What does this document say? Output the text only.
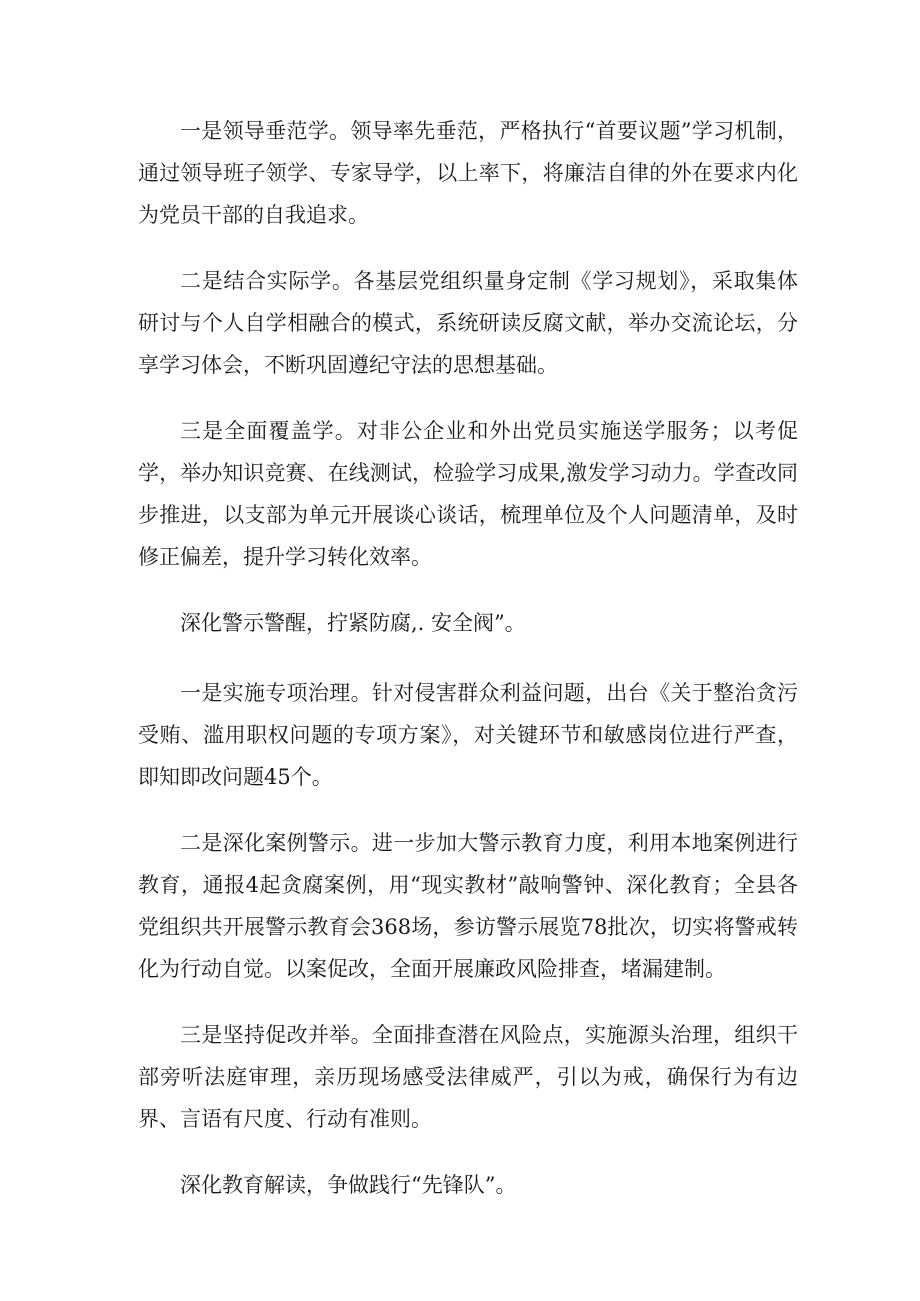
一是领导垂范学。领导率先垂范，严格执行“首要议题”学习机制，通过领导班子领学、专家导学，以上率下，将廉洁自律的外在要求内化为党员干部的自我追求。

二是结合实际学。各基层党组织量身定制《学习规划》，采取集体研讨与个人自学相融合的模式，系统研读反腐文献，举办交流论坛，分享学习体会，不断巩固遵纪守法的思想基础。

三是全面覆盖学。对非公企业和外出党员实施送学服务；以考促学，举办知识竞赛、在线测试，检验学习成果,激发学习动力。学查改同步推进，以支部为单元开展谈心谈话，梳理单位及个人问题清单，及时修正偏差，提升学习转化效率。

深化警示警醒，拧紧防腐,. 安全阀”。

一是实施专项治理。针对侵害群众利益问题，出台《关于整治贪污受贿、滥用职权问题的专项方案》，对关键环节和敏感岗位进行严查，即知即改问题45个。

二是深化案例警示。进一步加大警示教育力度，利用本地案例进行教育，通报4起贪腐案例，用“现实教材”敲响警钟、深化教育；全县各党组织共开展警示教育会368场，参访警示展览78批次，切实将警戒转化为行动自觉。以案促改，全面开展廉政风险排查，堵漏建制。

三是坚持促改并举。全面排查潜在风险点，实施源头治理，组织干部旁听法庭审理，亲历现场感受法律威严，引以为戒，确保行为有边界、言语有尺度、行动有准则。

深化教育解读，争做践行“先锋队”。
